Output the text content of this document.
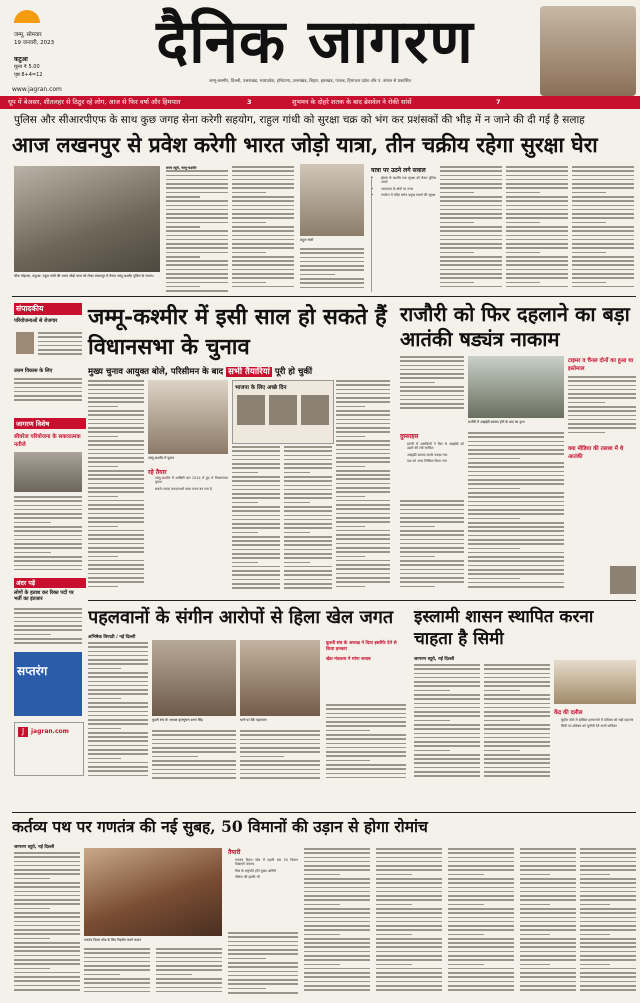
www.jagran.com
जम्मू, सोमवार
19 जनवरी, 2023
कटुआ
मूल्य ₹ 5.00
पृष्ठ 8+4=12	दैनिक जागरण
जम्मू-कश्मीर, दिल्ली, उत्तराखंड, मध्यप्रदेश, हरियाणा, उत्तराखंड, बिहार, झारखंड, पंजाब, हिमाचल प्रदेश और प. बंगाल से प्रकाशित
धूप में बेअसर, शीतलहर से ठिठुर रहे लोग, आज से फिर वर्षा और हिमपात	3	शुभमन के दोहरे शतक के बाद ब्रेसवेल ने रोकी सांसें	7
पुलिस और सीआरपीएफ के साथ कुछ जगह सेना करेगी सहयोग, राहुल गांधी को सुरक्षा चक्र को भंग कर प्रशंसकों की भीड़ में न जाने की दी गई है सलाह
आज लखनपुर से प्रवेश करेगी भारत जोड़ो यात्रा, तीन चक्रीय रहेगा सुरक्षा घेरा
चौक मोहल्ला, कठुआ: राहुल गांधी की भारत जोड़ो यात्रा को लेकर लखनपुर में तैनात जम्मू-कश्मीर पुलिस के जवान।
राज्य ब्यूरो, जम्मू-कश्मीर
राहुल गांधी
यात्रा पर उठने लगे सवाल
• झेलम से कश्मीर तक सुरक्षा को लेकर पुलिस अलर्ट
• आसपास के क्षेत्रों पर नजर
• नगरोटा में मंदिर समेत प्रमुख स्थलों की सुरक्षा
संपादकीय
परियोजनाओं से रोजगार
उत्तम विकास के लिए
जागरण विशेष
सीवरेज परियोजना के सकारात्मक नतीजे
अंदर पढ़ें
लोगों के हताश कर रिक्त पदों पर भर्ती का इंतजार
सप्तरंग
J	jagran.com
जम्मू-कश्मीर में इसी साल हो सकते हैं विधानसभा के चुनाव
मुख्य चुनाव आयुक्त बोले, परिसीमन के बाद सभी तैयारियां पूरी हो चुकीं
जम्मू-कश्मीर में चुनाव
रहे तैयार
• जम्मू-कश्मीर में आखिरी बार 2014 में हुए थे विधानसभा चुनाव
• सबसे ज्यादा मतदाताओं वाला राज्य बन गया है
भाजपा के लिए अच्छे दिन
राजौरी को फिर दहलाने का बड़ा आतंकी षड्यंत्र नाकाम
राजौरी में आइईडी बरामद होने के बाद का दृश्य
दुस्साहस
• ढांगरी में आतंकियों ने फिर से आइईडी को उड़ाने की रची साजिश
• आइईडी बरामद करके पकड़ा गया
• एक को आज निष्क्रिय किया गया
टाइमर व चैनल दोनों का हुआ था इस्तेमाल
क्या मीडिया की तलाश में थे आतंकी
पहलवानों के संगीन आरोपों से हिला खेल जगत
अभिषेक त्रिपाठी / नई दिल्ली
कुश्ती संघ के अध्यक्ष बृजभूषण शरण सिंह	धरने पर बैठे पहलवान
कुश्ती संघ के अध्यक्ष ने दिया इस्तीफे देने से किया इनकार
खेल मंत्रालय ने मांगा जवाब
इस्लामी शासन स्थापित करना चाहता है सिमी
जागरण ब्यूरो, नई दिल्ली
केंद्र की दलील
• सुप्रीम कोर्ट में दाखिल हलफनामे में प्रतिबंध को सही ठहराया
• सिमी पर प्रतिबंध को चुनौती देने वाली याचिका
कर्तव्य पथ पर गणतंत्र की नई सुबह, 50 विमानों की उड़ान से होगा रोमांच
जागरण ब्यूरो, नई दिल्ली
गणतंत्र दिवस परेड के लिए रिहर्सल करते जवान
तैयारी
• गणतंत्र दिवस परेड में पहली बार 50 विमान दिखाएंगे करतब
• मिस्र के राष्ट्रपति होंगे मुख्य अतिथि
• नौसेना की झांकी भी
